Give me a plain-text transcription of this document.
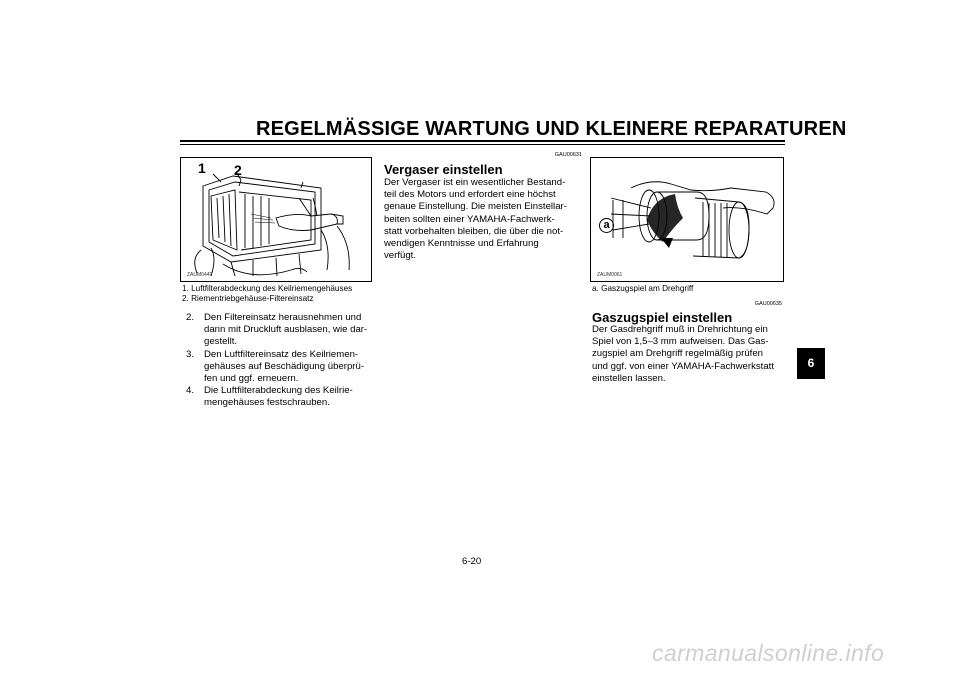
REGELMÄSSIGE WARTUNG UND KLEINERE REPARATUREN
1 2
ZAUM0449
1. Luftfilterabdeckung des Keilriemengehäuses
2. Riementriebgehäuse-Filtereinsatz
2. Den Filtereinsatz herausnehmen und
dann mit Druckluft ausblasen, wie dar-
gestellt.
3. Den Luftfiltereinsatz des Keilriemen-
gehäuses auf Beschädigung überprü-
fen und ggf. erneuern.
4. Die Luftfilterabdeckung des Keilrie-
mengehäuses festschrauben.
GAU00631
Vergaser einstellen
Der Vergaser ist ein wesentlicher Bestand-
teil des Motors und erfordert eine höchst
genaue Einstellung. Die meisten Einstellar-
beiten sollten einer YAMAHA-Fachwerk-
statt vorbehalten bleiben, die über die not-
wendigen Kenntnisse und Erfahrung
verfügt.
a
ZAUM0061
a. Gaszugspiel am Drehgriff
GAU00635
Gaszugspiel einstellen
Der Gasdrehgriff muß in Drehrichtung ein
Spiel von 1,5–3 mm aufweisen. Das Gas-
zugspiel am Drehgriff regelmäßig prüfen
und ggf. von einer YAMAHA-Fachwerkstatt
einstellen lassen.
6
6-20
carmanualsonline.info
